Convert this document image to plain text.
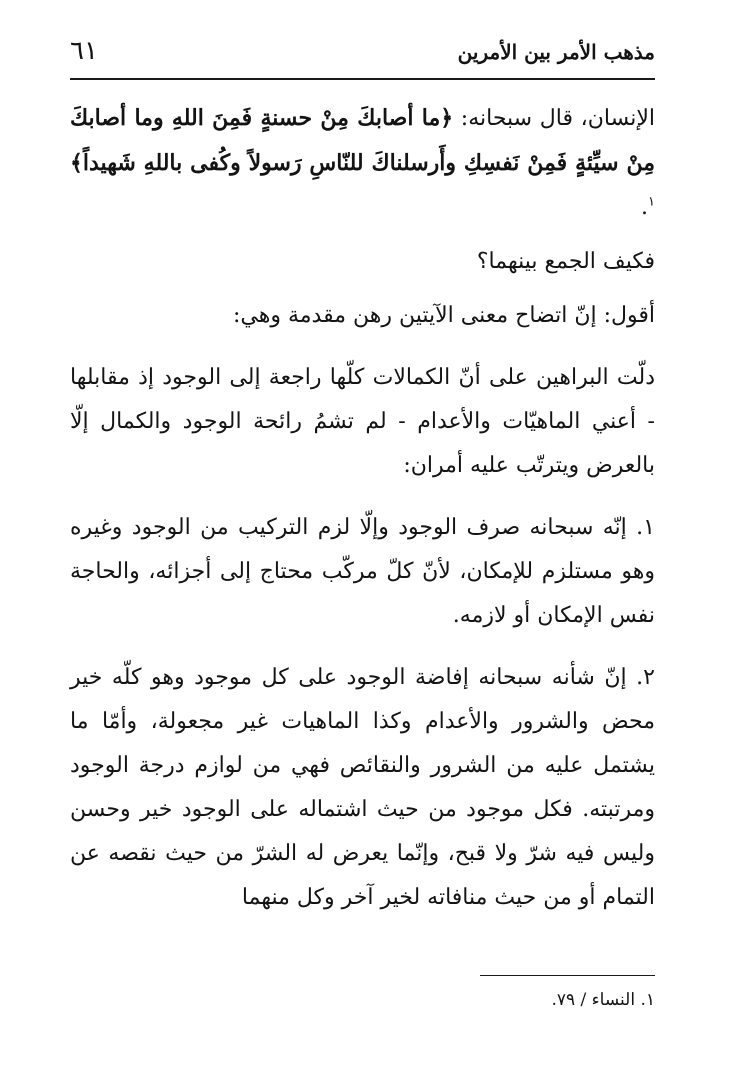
مذهب الأمر بين الأمرين
٦١

الإنسان، قال سبحانه: ﴿ما أصابكَ مِنْ حسنةٍ فَمِنَ اللهِ وما أصابكَ مِنْ سيِّئةٍ فَمِنْ نَفسِكِ وأَرسلناكَ للنّاسِ رَسولاً وكُفى باللهِ شَهيداً﴾$^١$.

فكيف الجمع بينهما؟

أقول: إنّ اتضاح معنى الآيتين رهن مقدمة وهي:

دلّت البراهين على أنّ الكمالات كلّها راجعة إلى الوجود إذ مقابلها - أعني الماهيّات والأعدام - لم تشمُ رائحة الوجود والكمال إلّا بالعرض ويترتّب عليه أمران:

١. إنّه سبحانه صرف الوجود وإلّا لزم التركيب من الوجود وغيره وهو مستلزم للإمكان، لأنّ كلّ مركّب محتاج إلى أجزائه، والحاجة نفس الإمكان أو لازمه.

٢. إنّ شأنه سبحانه إفاضة الوجود على كل موجود وهو كلّه خير محض والشرور والأعدام وكذا الماهيات غير مجعولة، وأمّا ما يشتمل عليه من الشرور والنقائص فهي من لوازم درجة الوجود ومرتبته. فكل موجود من حيث اشتماله على الوجود خير وحسن وليس فيه شرّ ولا قبح، وإنّما يعرض له الشرّ من حيث نقصه عن التمام أو من حيث منافاته لخير آخر وكل منهما

١. النساء / ٧٩.
